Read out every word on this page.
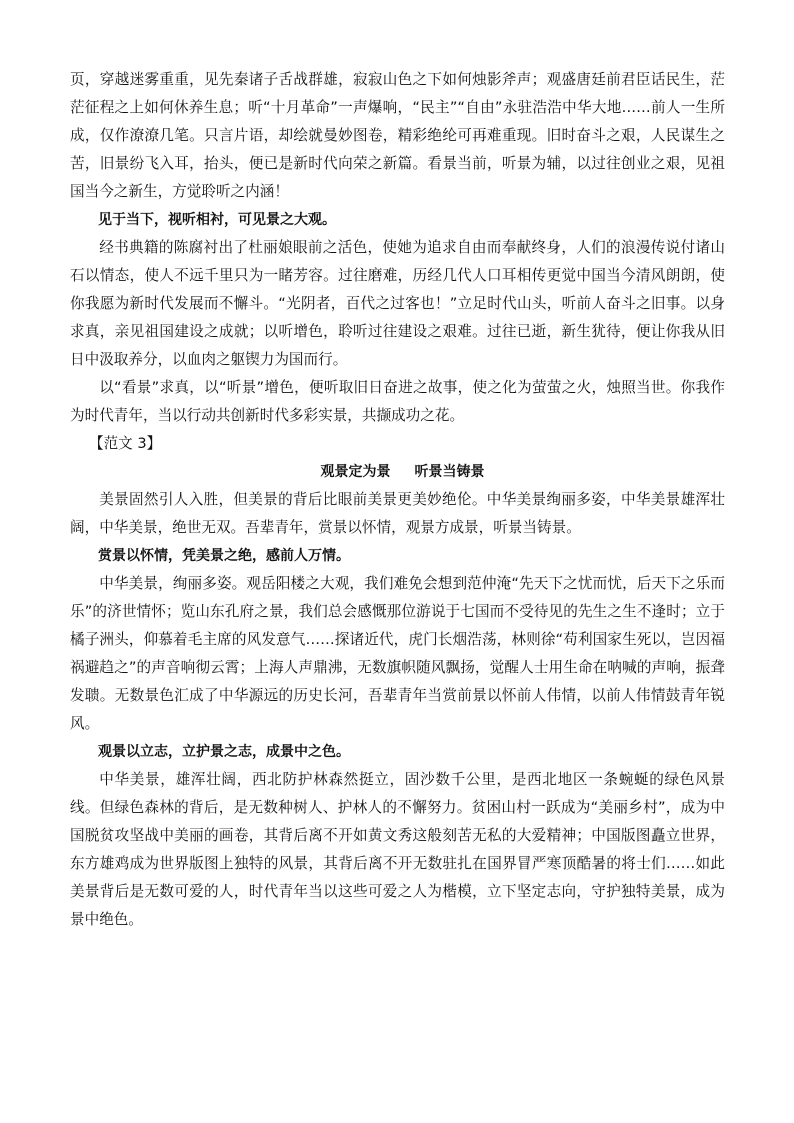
页，穿越迷雾重重，见先秦诸子舌战群雄，寂寂山色之下如何烛影斧声；观盛唐廷前君臣话民生，茫茫征程之上如何休养生息；听“十月革命”一声爆响，“民主”“自由”永驻浩浩中华大地……前人一生所成，仅作潦潦几笔。只言片语，却绘就曼妙图卷，精彩绝纶可再难重现。旧时奋斗之艰，人民谋生之苦，旧景纷飞入耳，抬头，便已是新时代向荣之新篇。看景当前，听景为辅，以过往创业之艰，见祖国当今之新生，方觉聆听之内涵！

见于当下，视听相衬，可见景之大观。

经书典籍的陈腐衬出了杜丽娘眼前之活色，使她为追求自由而奉献终身，人们的浪漫传说付诸山石以情态，使人不远千里只为一睹芳容。过往磨难，历经几代人口耳相传更觉中国当今清风朗朗，使你我愿为新时代发展而不懈斗。“光阴者，百代之过客也！”立足时代山头，听前人奋斗之旧事。以身求真，亲见祖国建设之成就；以听增色，聆听过往建设之艰难。过往已逝，新生犹待，便让你我从旧日中汲取养分，以血肉之躯锲力为国而行。

以“看景”求真，以“听景”增色，便听取旧日奋进之故事，使之化为萤萤之火，烛照当世。你我作为时代青年，当以行动共创新时代多彩实景，共撷成功之花。

【范文 3】

观景定为景 听景当铸景

美景固然引人入胜，但美景的背后比眼前美景更美妙绝伦。中华美景绚丽多姿，中华美景雄浑壮阔，中华美景，绝世无双。吾辈青年，赏景以怀情，观景方成景，听景当铸景。

赏景以怀情，凭美景之绝，感前人万情。

中华美景，绚丽多姿。观岳阳楼之大观，我们难免会想到范仲淹“先天下之忧而忧，后天下之乐而乐”的济世情怀；览山东孔府之景，我们总会感慨那位游说于七国而不受待见的先生之生不逢时；立于橘子洲头，仰慕着毛主席的风发意气……探诸近代，虎门长烟浩荡，林则徐“苟利国家生死以，岂因福祸避趋之”的声音响彻云霄；上海人声鼎沸，无数旗帜随风飘扬，觉醒人士用生命在呐喊的声响，振聋发聩。无数景色汇成了中华源远的历史长河，吾辈青年当赏前景以怀前人伟情，以前人伟情鼓青年锐风。

观景以立志，立护景之志，成景中之色。

中华美景，雄浑壮阔，西北防护林森然挺立，固沙数千公里，是西北地区一条蜿蜒的绿色风景线。但绿色森林的背后，是无数种树人、护林人的不懈努力。贫困山村一跃成为“美丽乡村”，成为中国脱贫攻坚战中美丽的画卷，其背后离不开如黄文秀这般刻苦无私的大爱精神；中国版图矗立世界，东方雄鸡成为世界版图上独特的风景，其背后离不开无数驻扎在国界冒严寒顶酷暑的将士们……如此美景背后是无数可爱的人，时代青年当以这些可爱之人为楷模，立下坚定志向，守护独特美景，成为景中绝色。
